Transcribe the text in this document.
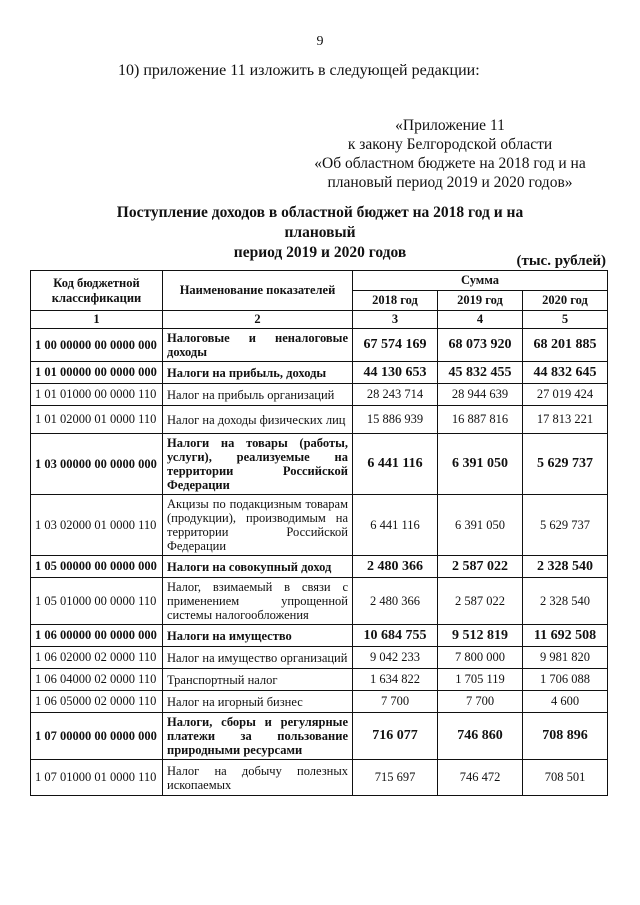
9
10) приложение 11 изложить в следующей редакции:
«Приложение 11
к закону Белгородской области
«Об областном бюджете на 2018 год и на
плановый период 2019 и 2020 годов»
Поступление доходов в областной бюджет на 2018 год и на плановый
период 2019 и 2020 годов	(тыс. рублей)
Код бюджетной классификации	Наименование показателей	Сумма		
		2018 год	2019 год	2020 год
1	2	3	4	5
1 00 00000 00 0000 000	Налоговые и неналоговые доходы	67 574 169	68 073 920	68 201 885
1 01 00000 00 0000 000	Налоги на прибыль, доходы	44 130 653	45 832 455	44 832 645
1 01 01000 00 0000 110	Налог на прибыль организаций	28 243 714	28 944 639	27 019 424
1 01 02000 01 0000 110	Налог на доходы физических лиц	15 886 939	16 887 816	17 813 221
1 03 00000 00 0000 000	Налоги на товары (работы, услуги), реализуемые на территории Российской Федерации	6 441 116	6 391 050	5 629 737
1 03 02000 01 0000 110	Акцизы по подакцизным товарам (продукции), производимым на территории Российской Федерации	6 441 116	6 391 050	5 629 737
1 05 00000 00 0000 000	Налоги на совокупный доход	2 480 366	2 587 022	2 328 540
1 05 01000 00 0000 110	Налог, взимаемый в связи с применением упрощенной системы налогообложения	2 480 366	2 587 022	2 328 540
1 06 00000 00 0000 000	Налоги на имущество	10 684 755	9 512 819	11 692 508
1 06 02000 02 0000 110	Налог на имущество организаций	9 042 233	7 800 000	9 981 820
1 06 04000 02 0000 110	Транспортный налог	1 634 822	1 705 119	1 706 088
1 06 05000 02 0000 110	Налог на игорный бизнес	7 700	7 700	4 600
1 07 00000 00 0000 000	Налоги, сборы и регулярные платежи за пользование природными ресурсами	716 077	746 860	708 896
1 07 01000 01 0000 110	Налог на добычу полезных ископаемых	715 697	746 472	708 501
